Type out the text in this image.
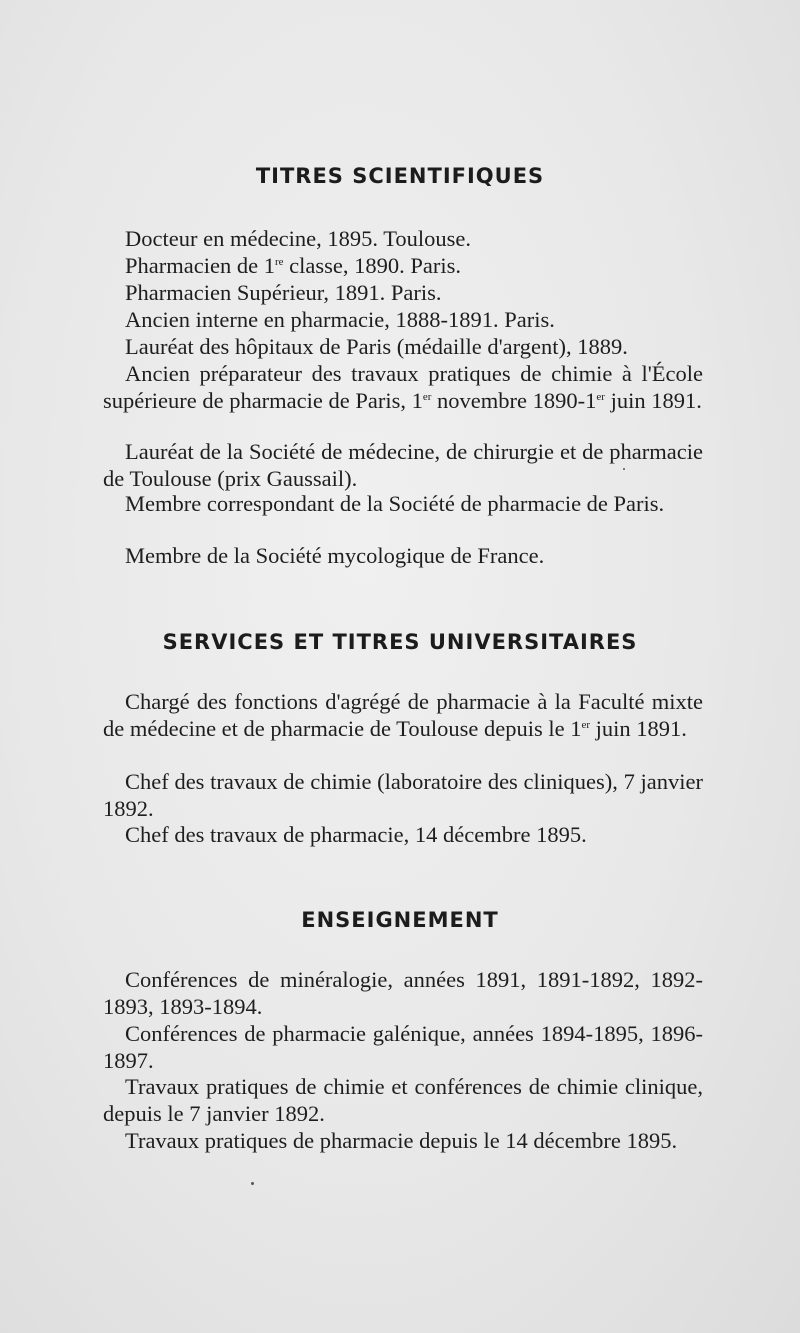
TITRES SCIENTIFIQUES
Docteur en médecine, 1895. Toulouse.
Pharmacien de 1re classe, 1890. Paris.
Pharmacien Supérieur, 1891. Paris.
Ancien interne en pharmacie, 1888-1891. Paris.
Lauréat des hôpitaux de Paris (médaille d'argent), 1889.
Ancien préparateur des travaux pratiques de chimie à l'École supérieure de pharmacie de Paris, 1er novembre 1890-1er juin 1891.
Lauréat de la Société de médecine, de chirurgie et de pharmacie de Toulouse (prix Gaussail).
Membre correspondant de la Société de pharmacie de Paris.
Membre de la Société mycologique de France.
SERVICES ET TITRES UNIVERSITAIRES
Chargé des fonctions d'agrégé de pharmacie à la Faculté mixte de médecine et de pharmacie de Toulouse depuis le 1er juin 1891.
Chef des travaux de chimie (laboratoire des cliniques), 7 janvier 1892.
Chef des travaux de pharmacie, 14 décembre 1895.
ENSEIGNEMENT
Conférences de minéralogie, années 1891, 1891-1892, 1892-1893, 1893-1894.
Conférences de pharmacie galénique, années 1894-1895, 1896-1897.
Travaux pratiques de chimie et conférences de chimie clinique, depuis le 7 janvier 1892.
Travaux pratiques de pharmacie depuis le 14 décembre 1895.
